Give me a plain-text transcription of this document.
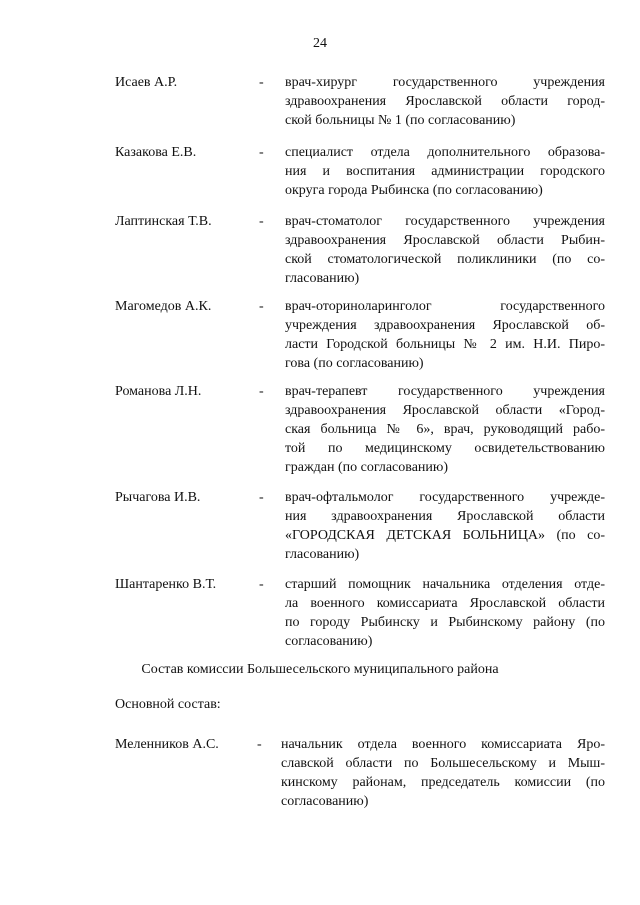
24
Исаев А.Р.	- врач-хирург государственного учреждения
здравоохранения Ярославской области город-
ской больницы № 1 (по согласованию)
Казакова Е.В.	- специалист отдела дополнительного образова-
ния и воспитания администрации городского
округа города Рыбинска (по согласованию)
Лаптинская Т.В.	- врач-стоматолог государственного учреждения
здравоохранения Ярославской области Рыбин-
ской стоматологической поликлиники (по со-
гласованию)
Магомедов А.К.	- врач-оториноларинголог государственного
учреждения здравоохранения Ярославской об-
ласти Городской больницы № 2 им. Н.И. Пиро-
гова (по согласованию)
Романова Л.Н.	- врач-терапевт государственного учреждения
здравоохранения Ярославской области «Город-
ская больница № 6», врач, руководящий рабо-
той по медицинскому освидетельствованию
граждан (по согласованию)
Рычагова И.В.	- врач-офтальмолог государственного учрежде-
ния здравоохранения Ярославской области
«ГОРОДСКАЯ ДЕТСКАЯ БОЛЬНИЦА» (по со-
гласованию)
Шантаренко В.Т.	- старший помощник начальника отделения отде-
ла военного комиссариата Ярославской области
по городу Рыбинску и Рыбинскому району (по
согласованию)
Состав комиссии Большесельского муниципального района
Основной состав:
Меленников А.С.	- начальник отдела военного комиссариата Яро-
славской области по Большесельскому и Мыш-
кинскому районам, председатель комиссии (по
согласованию)
